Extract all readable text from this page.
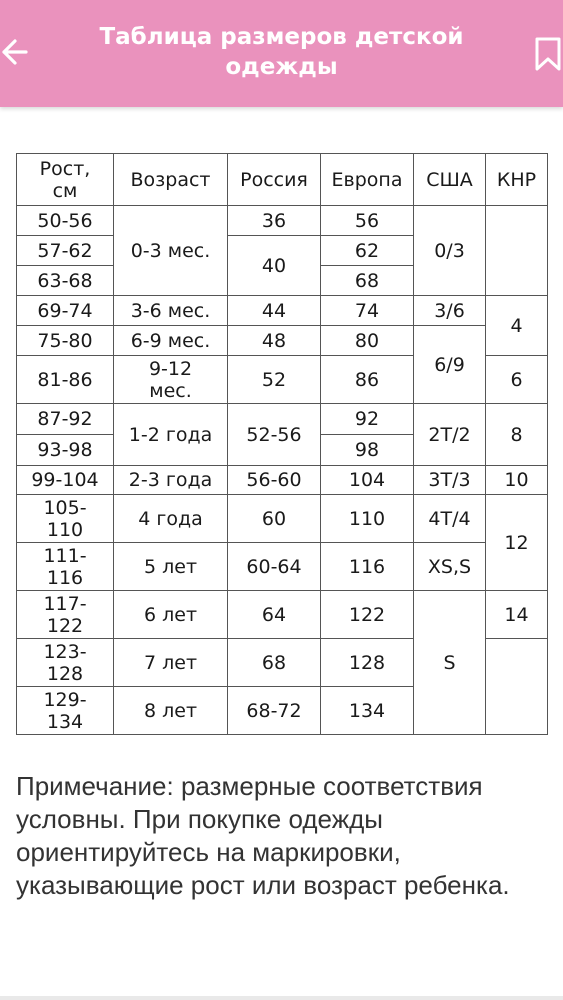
Таблица размеров детской одежды
Рост, см	Возраст	Россия	Европа	США	КНР
50-56	0-3 мес.	36	56	0/3	
57-62		40	62		
63-68			68		
69-74	3-6 мес.	44	74	3/6	4
75-80	6-9 мес.	48	80	6/9	
81-86	9-12 мес.	52	86		6
87-92	1-2 года	52-56	92	2T/2	8
93-98			98		
99-104	2-3 года	56-60	104	3T/3	10
105-110	4 года	60	110	4T/4	12
111-116	5 лет	60-64	116	XS,S	
117-122	6 лет	64	122	S	14
123-128	7 лет	68	128		
129-134	8 лет	68-72	134		
Примечание: размерные соответствия условны. При покупке одежды ориентируйтесь на маркировки, указывающие рост или возраст ребенка.
